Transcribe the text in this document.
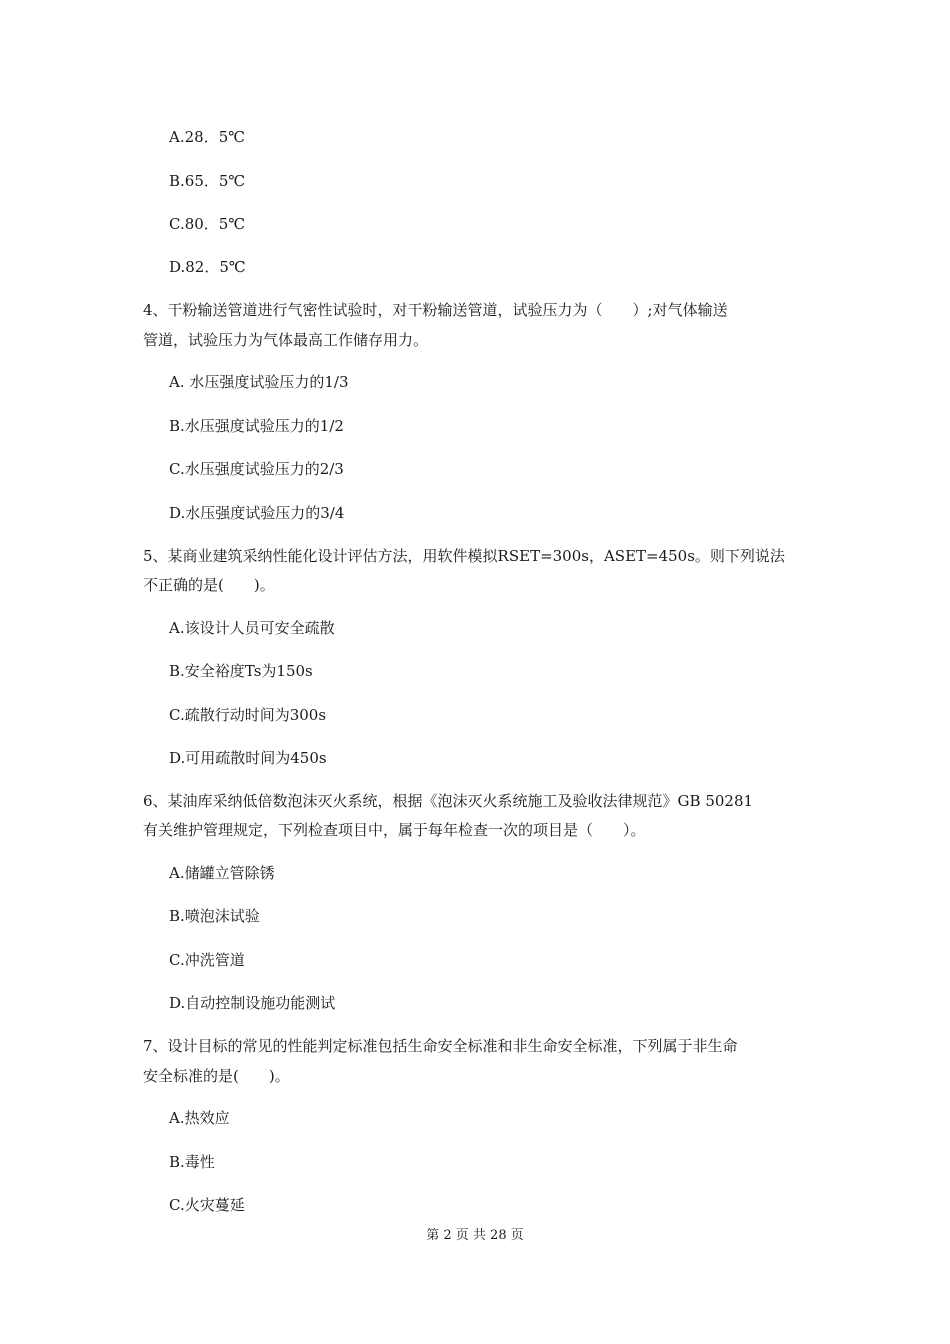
A.28．5℃
B.65．5℃
C.80．5℃
D.82．5℃
4、干粉输送管道进行气密性试验时，对干粉输送管道，试验压力为（　　）;对气体输送
管道，试验压力为气体最高工作储存用力。
A. 水压强度试验压力的1/3
B.水压强度试验压力的1/2
C.水压强度试验压力的2/3
D.水压强度试验压力的3/4
5、某商业建筑采纳性能化设计评估方法，用软件模拟RSET=300s，ASET=450s。则下列说法
不正确的是(　　)。
A.该设计人员可安全疏散
B.安全裕度Ts为150s
C.疏散行动时间为300s
D.可用疏散时间为450s
6、某油库采纳低倍数泡沫灭火系统，根据《泡沫灭火系统施工及验收法律规范》GB 50281
有关维护管理规定，下列检查项目中，属于每年检查一次的项目是（　　）。
A.储罐立管除锈
B.喷泡沫试验
C.冲洗管道
D.自动控制设施功能测试
7、设计目标的常见的性能判定标准包括生命安全标准和非生命安全标准，下列属于非生命
安全标准的是(　　)。
A.热效应
B.毒性
C.火灾蔓延
第 2 页 共 28 页
